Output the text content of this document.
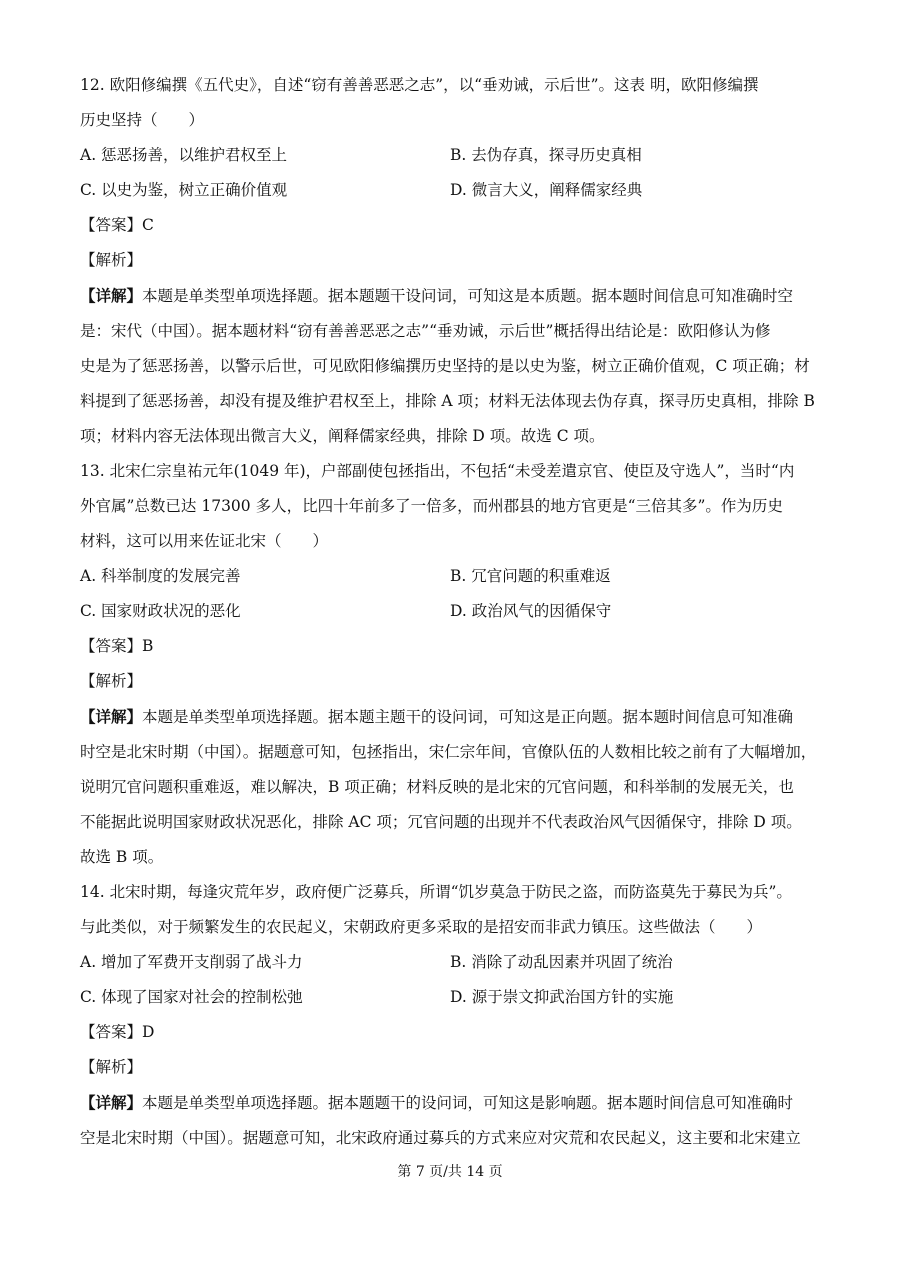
12. 欧阳修编撰《五代史》，自述“窃有善善恶恶之志”，以“垂劝诫，示后世”。这表 明，欧阳修编撰
历史坚持（　　）
A. 惩恶扬善，以维护君权至上	B. 去伪存真，探寻历史真相
C. 以史为鉴，树立正确价值观	D. 微言大义，阐释儒家经典
【答案】C
【解析】
【详解】本题是单类型单项选择题。据本题题干设问词，可知这是本质题。据本题时间信息可知准确时空
是：宋代（中国）。据本题材料“窃有善善恶恶之志”“垂劝诫，示后世”概括得出结论是：欧阳修认为修
史是为了惩恶扬善，以警示后世，可见欧阳修编撰历史坚持的是以史为鉴，树立正确价值观，C 项正确；材
料提到了惩恶扬善，却没有提及维护君权至上，排除 A 项；材料无法体现去伪存真，探寻历史真相，排除 B
项；材料内容无法体现出微言大义，阐释儒家经典，排除 D 项。故选 C 项。
13. 北宋仁宗皇祐元年(1049 年)，户部副使包拯指出，不包括“未受差遣京官、使臣及守选人”，当时“内
外官属”总数已达 17300 多人，比四十年前多了一倍多，而州郡县的地方官更是“三倍其多”。作为历史
材料，这可以用来佐证北宋（　　）
A. 科举制度的发展完善	B. 冗官问题的积重难返
C. 国家财政状况的恶化	D. 政治风气的因循保守
【答案】B
【解析】
【详解】本题是单类型单项选择题。据本题主题干的设问词，可知这是正向题。据本题时间信息可知准确
时空是北宋时期（中国）。据题意可知，包拯指出，宋仁宗年间，官僚队伍的人数相比较之前有了大幅增加，
说明冗官问题积重难返，难以解决，B 项正确；材料反映的是北宋的冗官问题，和科举制的发展无关，也
不能据此说明国家财政状况恶化，排除 AC 项；冗官问题的出现并不代表政治风气因循保守，排除 D 项。
故选 B 项。
14. 北宋时期，每逢灾荒年岁，政府便广泛募兵，所谓“饥岁莫急于防民之盗，而防盗莫先于募民为兵”。
与此类似，对于频繁发生的农民起义，宋朝政府更多采取的是招安而非武力镇压。这些做法（　　）
A. 增加了军费开支削弱了战斗力	B. 消除了动乱因素并巩固了统治
C. 体现了国家对社会的控制松弛	D. 源于崇文抑武治国方针的实施
【答案】D
【解析】
【详解】本题是单类型单项选择题。据本题题干的设问词，可知这是影响题。据本题时间信息可知准确时
空是北宋时期（中国）。据题意可知，北宋政府通过募兵的方式来应对灾荒和农民起义，这主要和北宋建立
第 7 页/共 14 页
